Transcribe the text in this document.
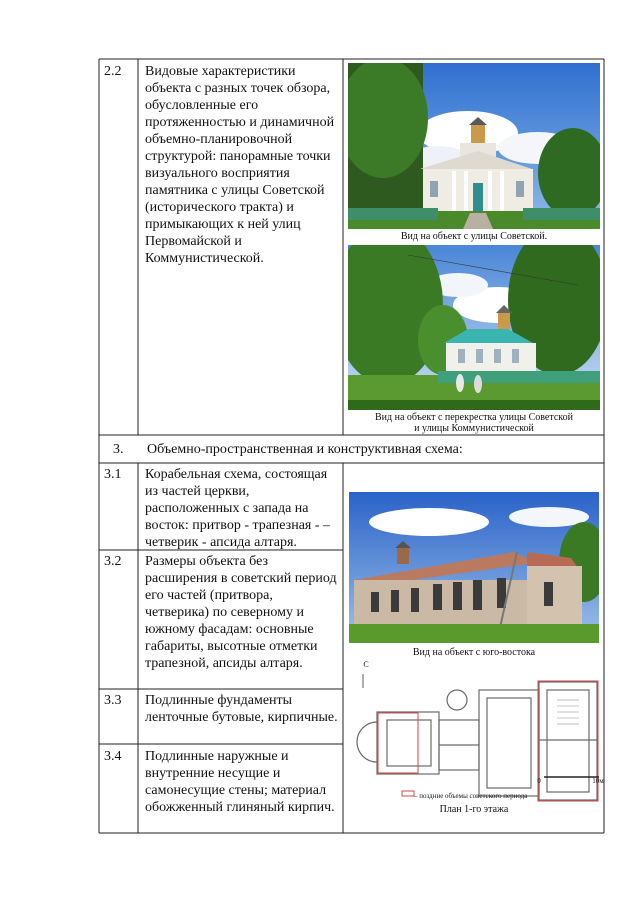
2.2 Видовые характеристики объекта с разных точек обзора, обусловленные его протяженностью и динамичной объемно-планировочной структурой: панорамные точки визуального восприятия памятника с улицы Советской (исторического тракта) и примыкающих к ней улиц Первомайской и Коммунистической.
Вид на объект с улицы Советской.
Вид на объект с перекрестка улицы Советской
и улицы Коммунистической
3. Объемно-пространственная и конструктивная схема:
3.1 Корабельная схема, состоящая из частей церкви, расположенных с запада на восток: притвор - трапезная - – четверик - апсида алтаря.
3.2 Размеры объекта без расширения в советский период его частей (притвора, четверика) по северному и южному фасадам: основные габариты, высотные отметки трапезной, апсиды алтаря.
3.3 Подлинные фундаменты ленточные бутовые, кирпичные.
3.4 Подлинные наружные и внутренние несущие и самонесущие стены; материал обожженный глиняный кирпич.
Вид на объект с юго-востока
С
0	10м
– поздние объемы советского периода
План 1-го этажа
